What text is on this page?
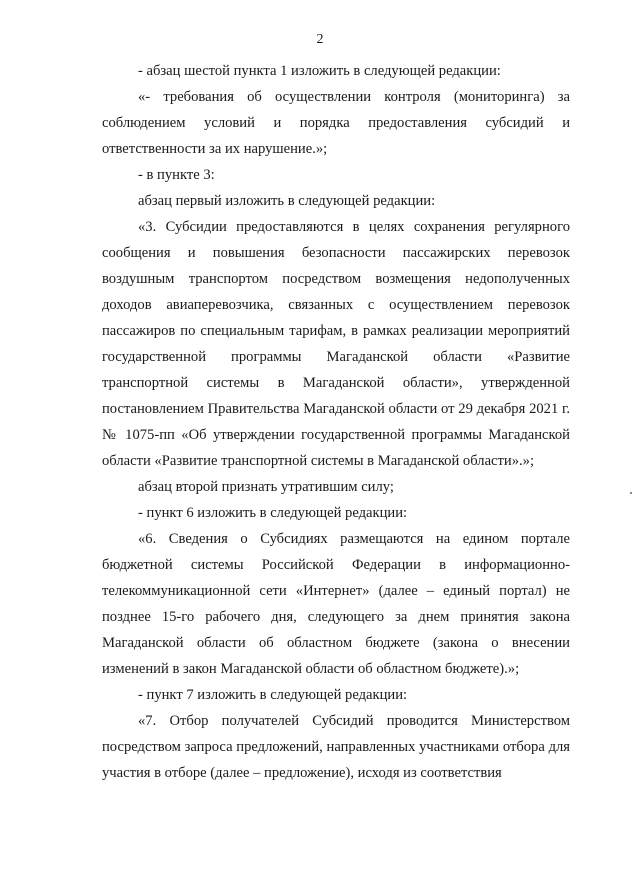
2

- абзац шестой пункта 1 изложить в следующей редакции:

«- требования об осуществлении контроля (мониторинга) за соблюдением условий и порядка предоставления субсидий и ответственности за их нарушение.»;

- в пункте 3:

абзац первый изложить в следующей редакции:

«3. Субсидии предоставляются в целях сохранения регулярного сообщения и повышения безопасности пассажирских перевозок воздушным транспортом посредством возмещения недополученных доходов авиаперевозчика, связанных с осуществлением перевозок пассажиров по специальным тарифам, в рамках реализации мероприятий государственной программы Магаданской области «Развитие транспортной системы в Магаданской области», утвержденной постановлением Правительства Магаданской области от 29 декабря 2021 г. № 1075-пп «Об утверждении государственной программы Магаданской области «Развитие транспортной системы в Магаданской области».»;

абзац второй признать утратившим силу;

- пункт 6 изложить в следующей редакции:

«6. Сведения о Субсидиях размещаются на едином портале бюджетной системы Российской Федерации в информационно-телекоммуникационной сети «Интернет» (далее – единый портал) не позднее 15-го рабочего дня, следующего за днем принятия закона Магаданской области об областном бюджете (закона о внесении изменений в закон Магаданской области об областном бюджете).»;

- пункт 7 изложить в следующей редакции:

«7. Отбор получателей Субсидий проводится Министерством посредством запроса предложений, направленных участниками отбора для участия в отборе (далее – предложение), исходя из соответствия
